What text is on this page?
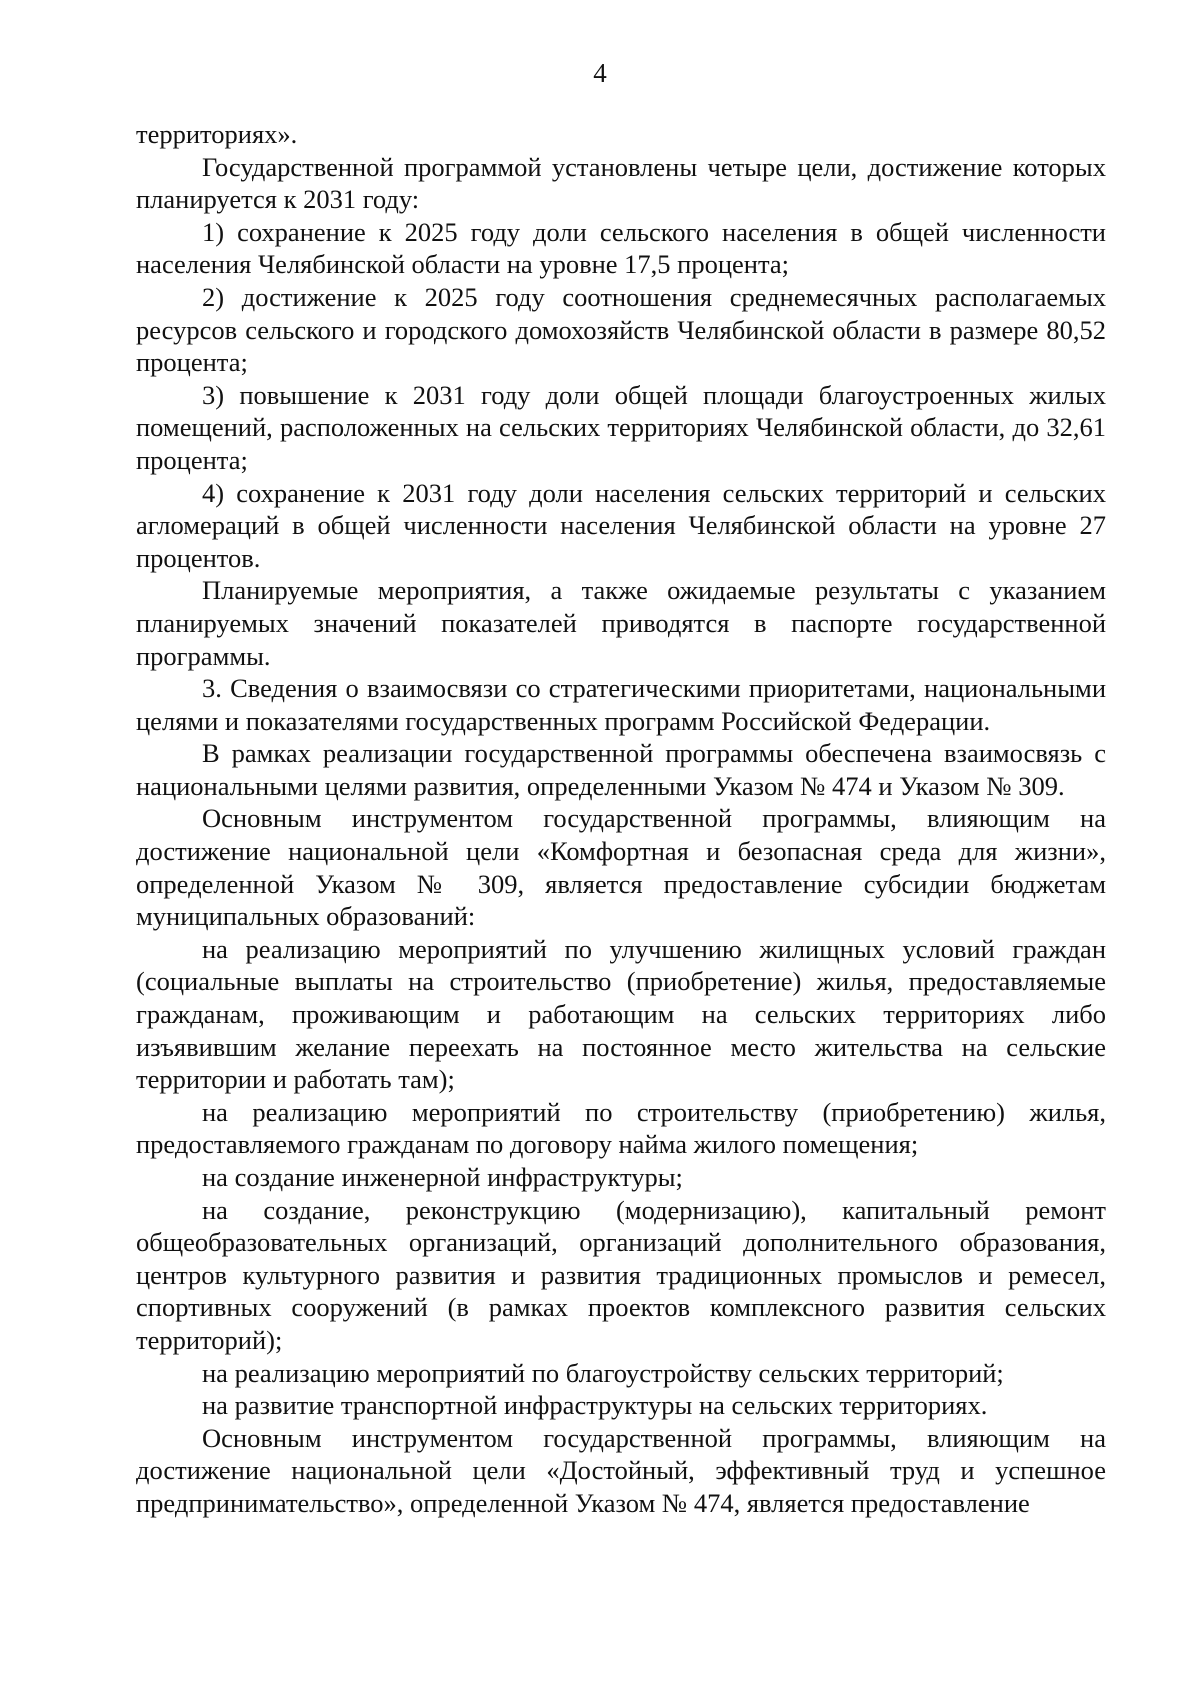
4

территориях».

Государственной программой установлены четыре цели, достижение которых планируется к 2031 году:

1) сохранение к 2025 году доли сельского населения в общей численности населения Челябинской области на уровне 17,5 процента;

2) достижение к 2025 году соотношения среднемесячных располагаемых ресурсов сельского и городского домохозяйств Челябинской области в размере 80,52 процента;

3) повышение к 2031 году доли общей площади благоустроенных жилых помещений, расположенных на сельских территориях Челябинской области, до 32,61 процента;

4) сохранение к 2031 году доли населения сельских территорий и сельских агломераций в общей численности населения Челябинской области на уровне 27 процентов.

Планируемые мероприятия, а также ожидаемые результаты с указанием планируемых значений показателей приводятся в паспорте государственной программы.

3. Сведения о взаимосвязи со стратегическими приоритетами, национальными целями и показателями государственных программ Российской Федерации.

В рамках реализации государственной программы обеспечена взаимосвязь с национальными целями развития, определенными Указом № 474 и Указом № 309.

Основным инструментом государственной программы, влияющим на достижение национальной цели «Комфортная и безопасная среда для жизни», определенной Указом № 309, является предоставление субсидии бюджетам муниципальных образований:

на реализацию мероприятий по улучшению жилищных условий граждан (социальные выплаты на строительство (приобретение) жилья, предоставляемые гражданам, проживающим и работающим на сельских территориях либо изъявившим желание переехать на постоянное место жительства на сельские территории и работать там);

на реализацию мероприятий по строительству (приобретению) жилья, предоставляемого гражданам по договору найма жилого помещения;

на создание инженерной инфраструктуры;

на создание, реконструкцию (модернизацию), капитальный ремонт общеобразовательных организаций, организаций дополнительного образования, центров культурного развития и развития традиционных промыслов и ремесел, спортивных сооружений (в рамках проектов комплексного развития сельских территорий);

на реализацию мероприятий по благоустройству сельских территорий;

на развитие транспортной инфраструктуры на сельских территориях.

Основным инструментом государственной программы, влияющим на достижение национальной цели «Достойный, эффективный труд и успешное предпринимательство», определенной Указом № 474, является предоставление
